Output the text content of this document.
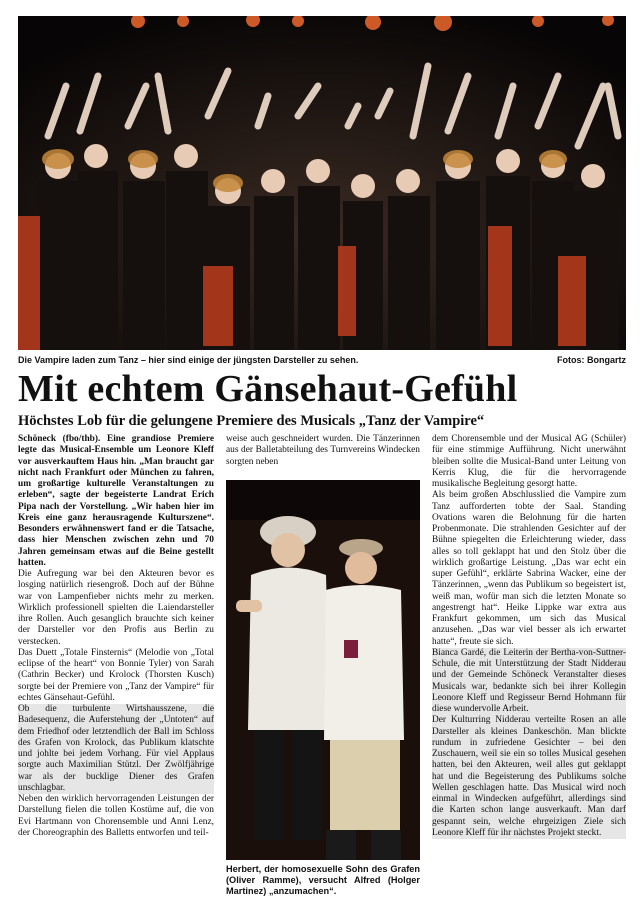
Die Vampire laden zum Tanz – hier sind einige der jüngsten Darsteller zu sehen.	Fotos: Bongartz
Mit echtem Gänsehaut-Gefühl
Höchstes Lob für die gelungene Premiere des Musicals „Tanz der Vampire“

Schöneck (fbo/thb). Eine grandiose Premiere legte das Musical-Ensemble um Leonore Kleff vor ausverkauftem Haus hin. „Man braucht gar nicht nach Frankfurt oder München zu fahren, um großartige kulturelle Veranstaltungen zu erleben“, sagte der begeisterte Landrat Erich Pipa nach der Vorstellung. „Wir haben hier im Kreis eine ganz herausragende Kulturszene“. Besonders erwähnenswert fand er die Tatsache, dass hier Menschen zwischen zehn und 70 Jahren gemeinsam etwas auf die Beine gestellt hatten.

Die Aufregung war bei den Akteuren bevor es losging natürlich riesengroß. Doch auf der Bühne war von Lampenfieber nichts mehr zu merken. Wirklich professionell spielten die Laiendarsteller ihre Rollen. Auch gesanglich brauchte sich keiner der Darsteller vor den Profis aus Berlin zu verstecken.

Das Duett „Totale Finsternis“ (Melodie von „Total eclipse of the heart“ von Bonnie Tyler) von Sarah (Cathrin Becker) und Krolock (Thorsten Kusch) sorgte bei der Premiere von „Tanz der Vampire“ für echtes Gänsehaut-Gefühl.

Ob die turbulente Wirtshausszene, die Badesequenz, die Auferstehung der „Untoten“ auf dem Friedhof oder letztendlich der Ball im Schloss des Grafen von Krolock, das Publikum klatschte und johlte bei jedem Vorhang. Für viel Applaus sorgte auch Maximilian Stützl. Der Zwölfjährige war als der bucklige Diener des Grafen unschlagbar.

Neben den wirklich hervorragenden Leistungen der Darstellung fielen die tollen Kostüme auf, die von Evi Hartmann von Chorensemble und Anni Lenz, der Choreographin des Balletts entworfen und teil-

weise auch geschneidert wurden. Die Tänzerinnen aus der Balletabteilung des Turnvereins Windecken sorgten neben

Herbert, der homosexuelle Sohn des Grafen (Oliver Ramme), versucht Alfred (Holger Martinez) „anzumachen“.

dem Chorensemble und der Musical AG (Schüler) für eine stimmige Aufführung. Nicht unerwähnt bleiben sollte die Musical-Band unter Leitung von Kerris Klug, die für die hervorragende musikalische Begleitung gesorgt hatte.

Als beim großen Abschlusslied die Vampire zum Tanz aufforderten tobte der Saal. Standing Ovations waren die Belohnung für die harten Probenmonate. Die strahlenden Gesichter auf der Bühne spiegelten die Erleichterung wieder, dass alles so toll geklappt hat und den Stolz über die wirklich großartige Leistung. „Das war echt ein super Gefühl“, erklärte Sabrina Wacker, eine der Tänzerinnen, „wenn das Publikum so begeistert ist, weiß man, wofür man sich die letzten Monate so angestrengt hat“. Heike Lippke war extra aus Frankfurt gekommen, um sich das Musical anzusehen. „Das war viel besser als ich erwartet hatte“, freute sie sich.

Bianca Gardé, die Leiterin der Bertha-von-Suttner-Schule, die mit Unterstützung der Stadt Nidderau und der Gemeinde Schöneck Veranstalter dieses Musicals war, bedankte sich bei ihrer Kollegin Leonore Kleff und Regisseur Bernd Hohmann für diese wundervolle Arbeit.

Der Kulturring Nidderau verteilte Rosen an alle Darsteller als kleines Dankeschön. Man blickte rundum in zufriedene Gesichter – bei den Zuschauern, weil sie ein so tolles Musical gesehen hatten, bei den Akteuren, weil alles gut geklappt hat und die Begeisterung des Publikums solche Wellen geschlagen hatte. Das Musical wird noch einmal in Windecken aufgeführt, allerdings sind die Karten schon lange ausverkauft. Man darf gespannt sein, welche ehrgeizigen Ziele sich Leonore Kleff für ihr nächstes Projekt steckt.
